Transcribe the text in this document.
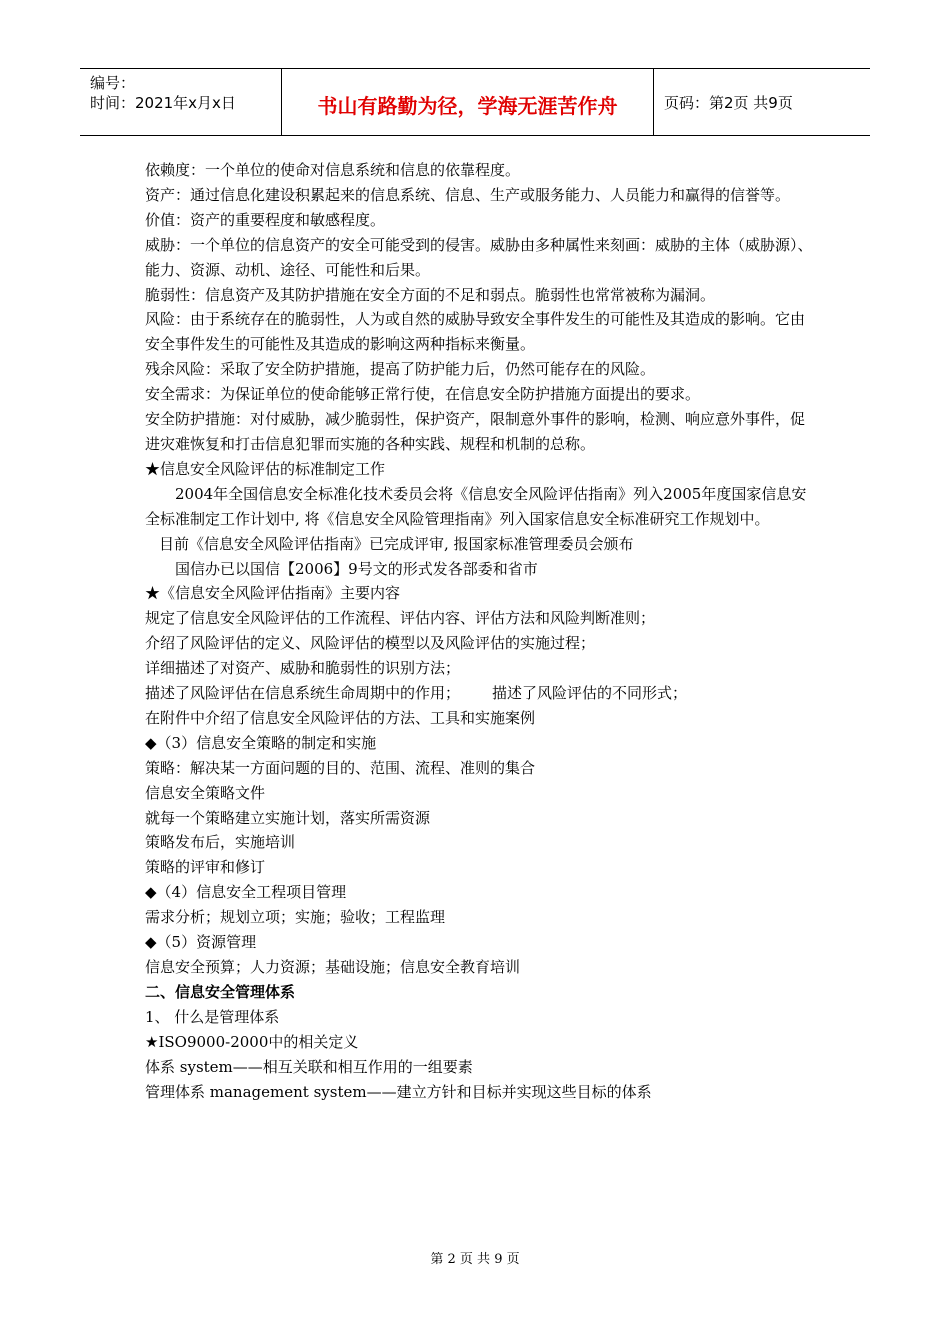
编号：
时间：2021年x月x日	书山有路勤为径，学海无涯苦作舟	页码：第2页 共9页

依赖度：一个单位的使命对信息系统和信息的依靠程度。

资产：通过信息化建设积累起来的信息系统、信息、生产或服务能力、人员能力和赢得的信誉等。

价值：资产的重要程度和敏感程度。

威胁：一个单位的信息资产的安全可能受到的侵害。威胁由多种属性来刻画：威胁的主体（威胁源）、能力、资源、动机、途径、可能性和后果。

脆弱性：信息资产及其防护措施在安全方面的不足和弱点。脆弱性也常常被称为漏洞。

风险：由于系统存在的脆弱性，人为或自然的威胁导致安全事件发生的可能性及其造成的影响。它由安全事件发生的可能性及其造成的影响这两种指标来衡量。

残余风险：采取了安全防护措施，提高了防护能力后，仍然可能存在的风险。

安全需求：为保证单位的使命能够正常行使，在信息安全防护措施方面提出的要求。

安全防护措施：对付威胁，减少脆弱性，保护资产，限制意外事件的影响，检测、响应意外事件，促进灾难恢复和打击信息犯罪而实施的各种实践、规程和机制的总称。

★信息安全风险评估的标准制定工作

2004年全国信息安全标准化技术委员会将《信息安全风险评估指南》列入2005年度国家信息安全标准制定工作计划中, 将《信息安全风险管理指南》列入国家信息安全标准研究工作规划中。

目前《信息安全风险评估指南》已完成评审, 报国家标准管理委员会颁布

国信办已以国信【2006】9号文的形式发各部委和省市

★《信息安全风险评估指南》主要内容

规定了信息安全风险评估的工作流程、评估内容、评估方法和风险判断准则；

介绍了风险评估的定义、风险评估的模型以及风险评估的实施过程；

详细描述了对资产、威胁和脆弱性的识别方法；

描述了风险评估在信息系统生命周期中的作用； 描述了风险评估的不同形式；

在附件中介绍了信息安全风险评估的方法、工具和实施案例

◆（3）信息安全策略的制定和实施

策略：解决某一方面问题的目的、范围、流程、准则的集合

信息安全策略文件

就每一个策略建立实施计划，落实所需资源

策略发布后，实施培训

策略的评审和修订

◆（4）信息安全工程项目管理

需求分析；规划立项；实施；验收；工程监理

◆（5）资源管理

信息安全预算；人力资源；基础设施；信息安全教育培训

二、信息安全管理体系

1、 什么是管理体系

★ISO9000-2000中的相关定义

体系 system——相互关联和相互作用的一组要素

管理体系 management system——建立方针和目标并实现这些目标的体系

第 2 页 共 9 页
